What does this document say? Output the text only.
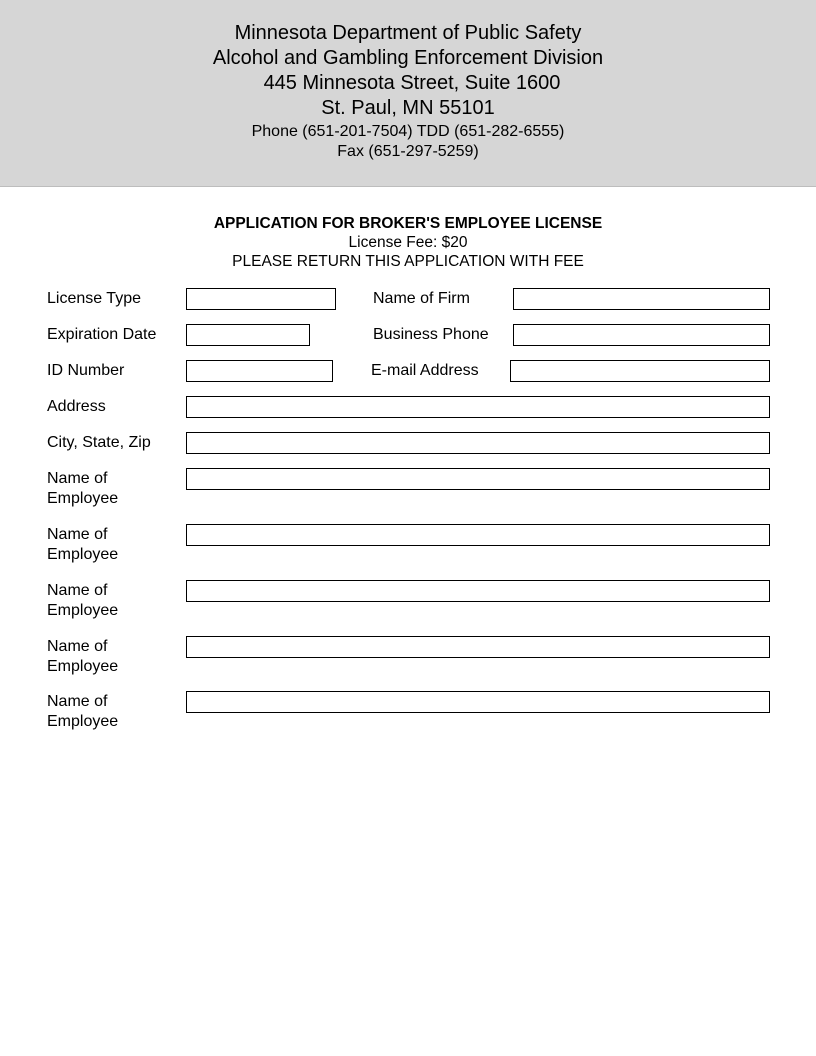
Minnesota Department of Public Safety
Alcohol and Gambling Enforcement Division
445 Minnesota Street, Suite 1600
St. Paul, MN 55101
Phone (651-201-7504) TDD (651-282-6555)
Fax (651-297-5259)
APPLICATION FOR BROKER'S EMPLOYEE LICENSE
License Fee: $20
PLEASE RETURN THIS APPLICATION WITH FEE
License Type	Name of Firm
Expiration Date	Business Phone
ID Number	E-mail Address
Address
City, State, Zip
Name of
Employee
Name of
Employee
Name of
Employee
Name of
Employee
Name of
Employee
